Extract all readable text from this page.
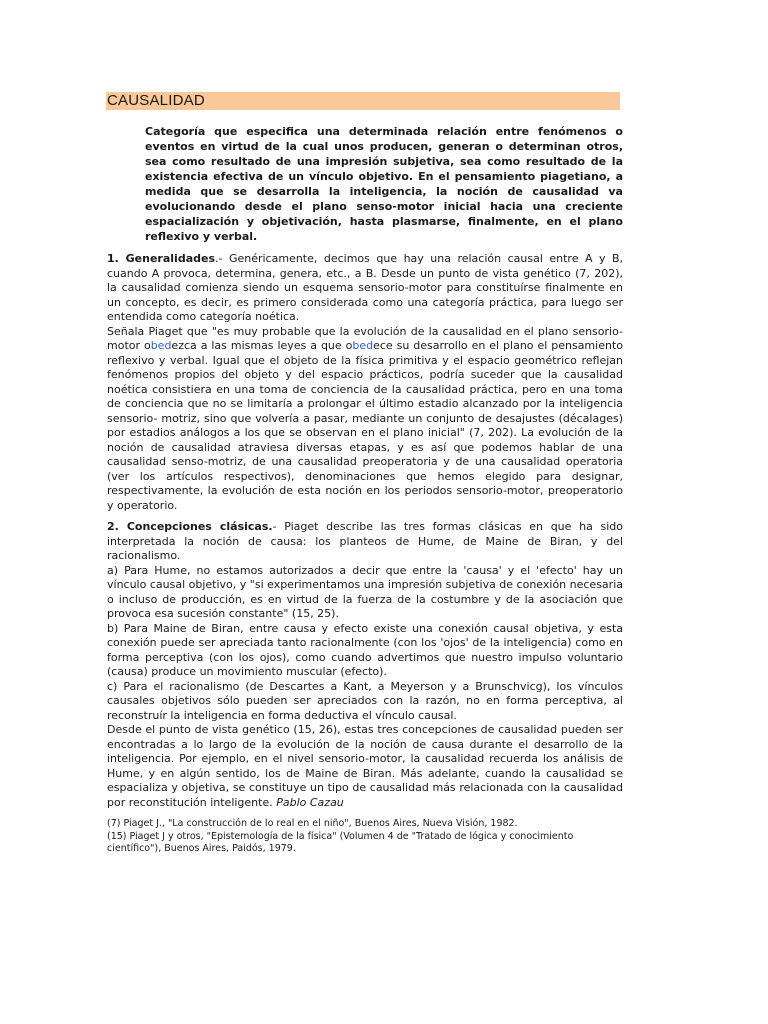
CAUSALIDAD
Categoría que especifica una determinada relación entre fenómenos o eventos en virtud de la cual unos producen, generan o determinan otros, sea como resultado de una impresión subjetiva, sea como resultado de la existencia efectiva de un vínculo objetivo. En el pensamiento piagetiano, a medida que se desarrolla la inteligencia, la noción de causalidad va evolucionando desde el plano senso-motor inicial hacia una creciente espacialización y objetivación, hasta plasmarse, finalmente, en el plano reflexivo y verbal.

1. Generalidades.- Genéricamente, decimos que hay una relación causal entre A y B, cuando A provoca, determina, genera, etc., a B. Desde un punto de vista genético (7, 202), la causalidad comienza siendo un esquema sensorio-motor para constituírse finalmente en un concepto, es decir, es primero considerada como una categoría práctica, para luego ser entendida como categoría noética.

Señala Piaget que "es muy probable que la evolución de la causalidad en el plano sensorio-motor obedezca a las mismas leyes a que obedece su desarrollo en el plano el pensamiento reflexivo y verbal. Igual que el objeto de la física primitiva y el espacio geométrico reflejan fenómenos propios del objeto y del espacio prácticos, podría suceder que la causalidad noética consistiera en una toma de conciencia de la causalidad práctica, pero en una toma de conciencia que no se limitaría a prolongar el último estadio alcanzado por la inteligencia sensorio- motriz, sino que volvería a pasar, mediante un conjunto de desajustes (décalages) por estadios análogos a los que se observan en el plano inicial" (7, 202). La evolución de la noción de causalidad atraviesa diversas etapas, y es así que podemos hablar de una causalidad senso-motriz, de una causalidad preoperatoria y de una causalidad operatoria (ver los artículos respectivos), denominaciones que hemos elegido para designar, respectivamente, la evolución de esta noción en los periodos sensorio-motor, preoperatorio y operatorio.

2. Concepciones clásicas.- Piaget describe las tres formas clásicas en que ha sido interpretada la noción de causa: los planteos de Hume, de Maine de Biran, y del racionalismo.

a) Para Hume, no estamos autorizados a decir que entre la 'causa' y el 'efecto' hay un vínculo causal objetivo, y "si experimentamos una impresión subjetiva de conexión necesaria o incluso de producción, es en virtud de la fuerza de la costumbre y de la asociación que provoca esa sucesión constante" (15, 25).

b) Para Maine de Biran, entre causa y efecto existe una conexión causal objetiva, y esta conexión puede ser apreciada tanto racionalmente (con los 'ojos' de la inteligencia) como en forma perceptiva (con los ojos), como cuando advertimos que nuestro impulso voluntario (causa) produce un movimiento muscular (efecto).

c) Para el racionalismo (de Descartes a Kant, a Meyerson y a Brunschvicg), los vínculos causales objetivos sólo pueden ser apreciados con la razón, no en forma perceptiva, al reconstruír la inteligencia en forma deductiva el vínculo causal.

Desde el punto de vista genético (15, 26), estas tres concepciones de causalidad pueden ser encontradas a lo largo de la evolución de la noción de causa durante el desarrollo de la inteligencia. Por ejemplo, en el nivel sensorio-motor, la causalidad recuerda los análisis de Hume, y en algún sentido, los de Maine de Biran. Más adelante, cuando la causalidad se espacializa y objetiva, se constituye un tipo de causalidad más relacionada con la causalidad por reconstitución inteligente. Pablo Cazau

(7) Piaget J., "La construcción de lo real en el niño", Buenos Aires, Nueva Visión, 1982.

(15) Piaget J y otros, "Epistemología de la física" (Volumen 4 de "Tratado de lógica y conocimiento científico"), Buenos Aires, Paidós, 1979.
